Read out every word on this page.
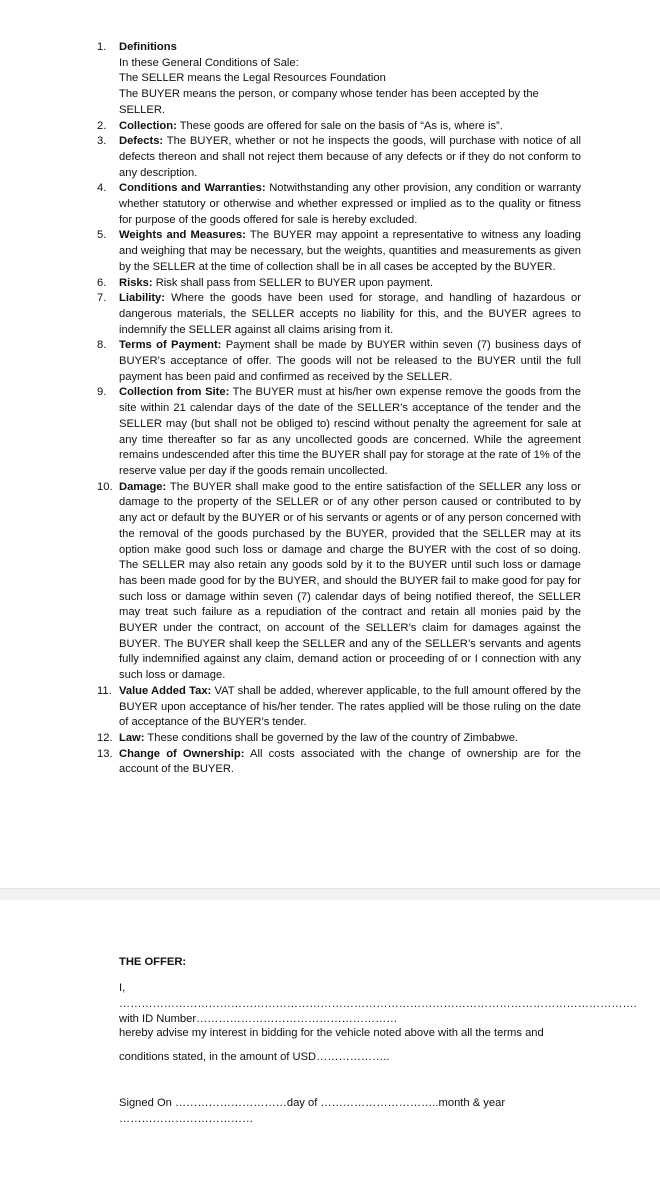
1.	Definitions
In these General Conditions of Sale:
The SELLER means the Legal Resources Foundation
The BUYER means the person, or company whose tender has been accepted by the SELLER.
2.	Collection: These goods are offered for sale on the basis of “As is, where is”.
3.	Defects: The BUYER, whether or not he inspects the goods, will purchase with notice of all defects thereon and shall not reject them because of any defects or if they do not conform to any description.
4.	Conditions and Warranties: Notwithstanding any other provision, any condition or warranty whether statutory or otherwise and whether expressed or implied as to the quality or fitness for purpose of the goods offered for sale is hereby excluded.
5.	Weights and Measures: The BUYER may appoint a representative to witness any loading and weighing that may be necessary, but the weights, quantities and measurements as given by the SELLER at the time of collection shall be in all cases be accepted by the BUYER.
6.	Risks: Risk shall pass from SELLER to BUYER upon payment.
7.	Liability: Where the goods have been used for storage, and handling of hazardous or dangerous materials, the SELLER accepts no liability for this, and the BUYER agrees to indemnify the SELLER against all claims arising from it.
8.	Terms of Payment: Payment shall be made by BUYER within seven (7) business days of BUYER’s acceptance of offer. The goods will not be released to the BUYER until the full payment has been paid and confirmed as received by the SELLER.
9.	Collection from Site: The BUYER must at his/her own expense remove the goods from the site within 21 calendar days of the date of the SELLER’s acceptance of the tender and the SELLER may (but shall not be obliged to) rescind without penalty the agreement for sale at any time thereafter so far as any uncollected goods are concerned. While the agreement remains undescended after this time the BUYER shall pay for storage at the rate of 1% of the reserve value per day if the goods remain uncollected.
10. Damage: The BUYER shall make good to the entire satisfaction of the SELLER any loss or damage to the property of the SELLER or of any other person caused or contributed to by any act or default by the BUYER or of his servants or agents or of any person concerned with the removal of the goods purchased by the BUYER, provided that the SELLER may at its option make good such loss or damage and charge the BUYER with the cost of so doing. The SELLER may also retain any goods sold by it to the BUYER until such loss or damage has been made good for by the BUYER, and should the BUYER fail to make good for pay for such loss or damage within seven (7) calendar days of being notified thereof, the SELLER may treat such failure as a repudiation of the contract and retain all monies paid by the BUYER under the contract, on account of the SELLER’s claim for damages against the BUYER. The BUYER shall keep the SELLER and any of the SELLER’s servants and agents fully indemnified against any claim, demand action or proceeding of or I connection with any such loss or damage.
11. Value Added Tax: VAT shall be added, wherever applicable, to the full amount offered by the BUYER upon acceptance of his/her tender. The rates applied will be those ruling on the date of acceptance of the BUYER’s tender.
12. Law: These conditions shall be governed by the law of the country of Zimbabwe.
13. Change of Ownership: All costs associated with the change of ownership are for the account of the BUYER.
THE OFFER:
I, …………………………………………………………………………………………………………………………. with ID Number………………………………………………
hereby advise my interest in bidding for the vehicle noted above with all the terms and
conditions stated, in the amount of USD………………..
Signed On …………………………day of …………………………..month & year ………………………………
